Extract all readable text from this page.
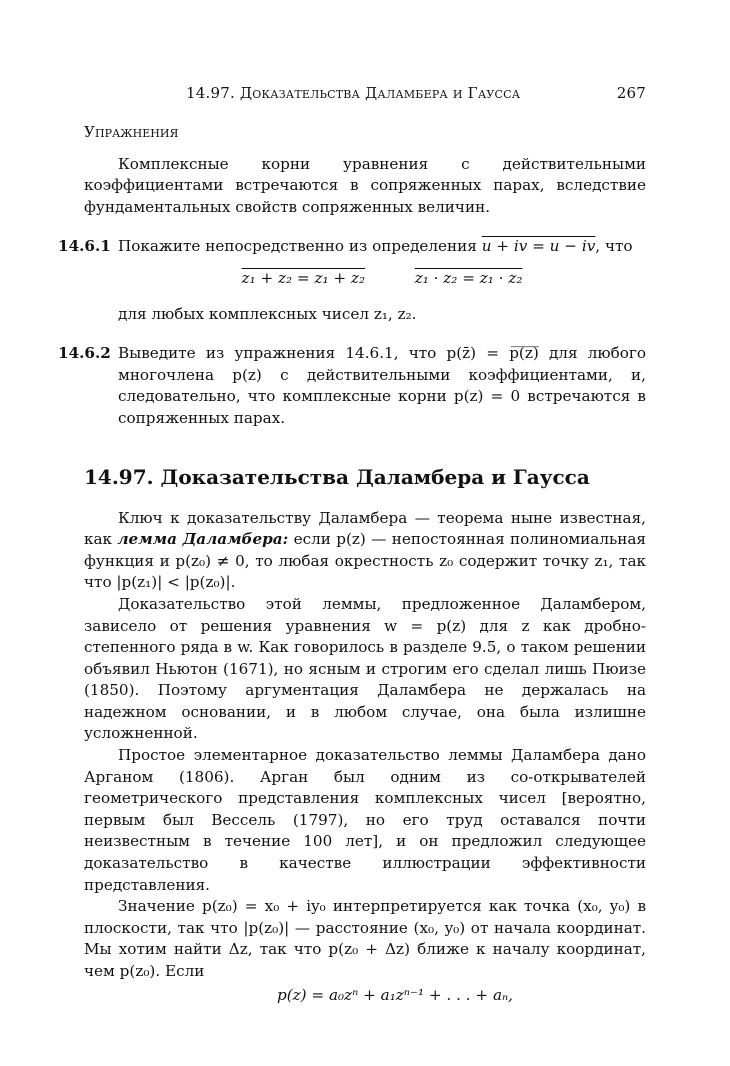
14.97. Доказательства Даламбера и Гаусса	267
Упражнения

Комплексные корни уравнения с действительными коэффициентами встречаются в сопряженных парах, вследствие фундаментальных свойств сопряженных величин.

14.6.1 Покажите непосредственно из определения u + iv = u − iv, что

z₁ + z₂ = z₁ + z₂	z₁ · z₂ = z₁ · z₂

для любых комплексных чисел z₁, z₂.

14.6.2 Выведите из упражнения 14.6.1, что p(z̄) = p̅(̅z̅)̅ для любого многочлена p(z) с действительными коэффициентами, и, следовательно, что комплексные корни p(z) = 0 встречаются в сопряженных парах.

14.97. Доказательства Даламбера и Гаусса

Ключ к доказательству Даламбера — теорема ныне известная, как лемма Даламбера: если p(z) — непостоянная полиномиальная функция и p(z₀) ≠ 0, то любая окрестность z₀ содержит точку z₁, так что |p(z₁)| < |p(z₀)|.

Доказательство этой леммы, предложенное Даламбером, зависело от решения уравнения w = p(z) для z как дробно-степенного ряда в w. Как говорилось в разделе 9.5, о таком решении объявил Ньютон (1671), но ясным и строгим его сделал лишь Пюизе (1850). Поэтому аргументация Даламбера не держалась на надежном основании, и в любом случае, она была излишне усложненной.

Простое элементарное доказательство леммы Даламбера дано Арганом (1806). Арган был одним из со-открывателей геометрического представления комплексных чисел [вероятно, первым был Вессель (1797), но его труд оставался почти неизвестным в течение 100 лет], и он предложил следующее доказательство в качестве иллюстрации эффективности представления.

Значение p(z₀) = x₀ + iy₀ интерпретируется как точка (x₀, y₀) в плоскости, так что |p(z₀)| — расстояние (x₀, y₀) от начала координат. Мы хотим найти Δz, так что p(z₀ + Δz) ближе к началу координат, чем p(z₀). Если

p(z) = a₀zⁿ + a₁zⁿ⁻¹ + . . . + aₙ,
